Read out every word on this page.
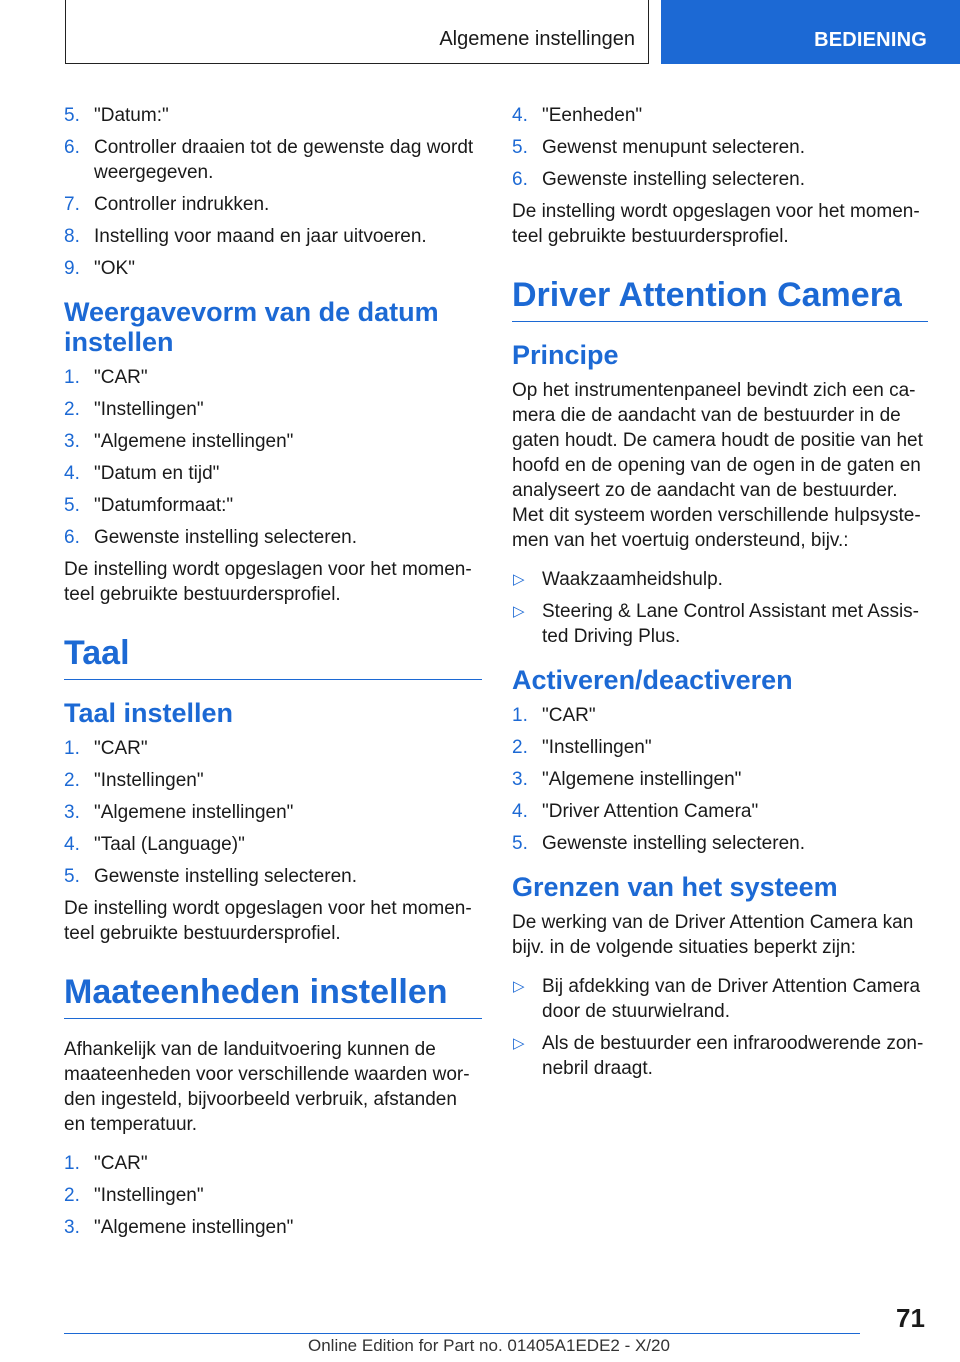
Algemene instellingen	BEDIENING
5. "Datum:"
6. Controller draaien tot de gewenste dag wordt weergegeven.
7. Controller indrukken.
8. Instelling voor maand en jaar uitvoeren.
9. "OK"
Weergavevorm van de datum instellen
1. "CAR"
2. "Instellingen"
3. "Algemene instellingen"
4. "Datum en tijd"
5. "Datumformaat:"
6. Gewenste instelling selecteren.

De instelling wordt opgeslagen voor het momen-teel gebruikte bestuurdersprofiel.

Taal
Taal instellen
1. "CAR"
2. "Instellingen"
3. "Algemene instellingen"
4. "Taal (Language)"
5. Gewenste instelling selecteren.

De instelling wordt opgeslagen voor het momen-teel gebruikte bestuurdersprofiel.

Maateenheden instellen

Afhankelijk van de landuitvoering kunnen de maateenheden voor verschillende waarden wor-den ingesteld, bijvoorbeeld verbruik, afstanden en temperatuur.

1. "CAR"
2. "Instellingen"
3. "Algemene instellingen"
4. "Eenheden"
5. Gewenst menupunt selecteren.
6. Gewenste instelling selecteren.

De instelling wordt opgeslagen voor het momen-teel gebruikte bestuurdersprofiel.

Driver Attention Camera
Principe

Op het instrumentenpaneel bevindt zich een ca-mera die de aandacht van de bestuurder in de gaten houdt. De camera houdt de positie van het hoofd en de opening van de ogen in de gaten en analyseert zo de aandacht van de bestuurder.

Met dit systeem worden verschillende hulpsyste-men van het voertuig ondersteund, bijv.:

▷ Waakzaamheidshulp.
▷ Steering & Lane Control Assistant met Assis-ted Driving Plus.
Activeren/deactiveren
1. "CAR"
2. "Instellingen"
3. "Algemene instellingen"
4. "Driver Attention Camera"
5. Gewenste instelling selecteren.
Grenzen van het systeem

De werking van de Driver Attention Camera kan bijv. in de volgende situaties beperkt zijn:

▷ Bij afdekking van de Driver Attention Camera door de stuurwielrand.
▷ Als de bestuurder een infraroodwerende zon-nebril draagt.
71
Online Edition for Part no. 01405A1EDE2 - X/20
